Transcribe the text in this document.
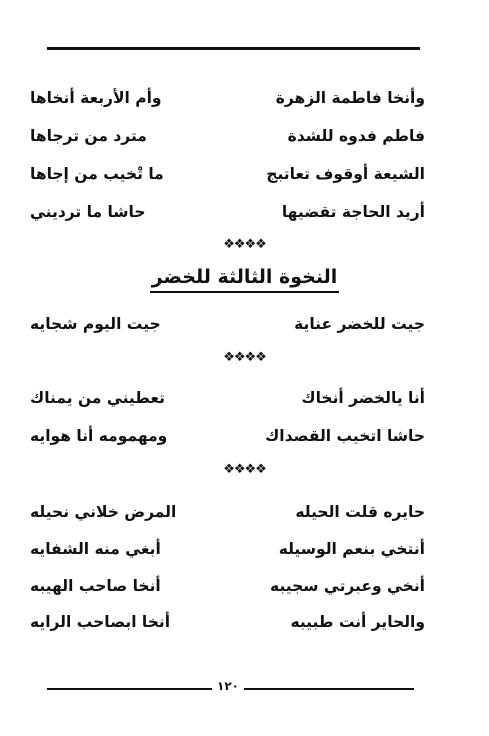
وأنخا فاطمة الزهرة
وأم الأربعة أنخاها
فاطم فدوه للشدة
مترد من ترجاها
الشيعة أوقوف تعاتبج
ما تْخيب من إجاها
أريد الحاجة تقضيها
حاشا ما ترديني
❖❖❖❖
النخوة الثالثة للخضر
جيت للخضر عناية
جيت اليوم شجايه
❖❖❖❖
أنا يالخضر أنخاك
تعطيني من يمناك
حاشا اتخيب القصداك
ومهمومه أنا هوايه
❖❖❖❖
حايره قلت الحيله
المرض خلاني نحيله
أنتخي بنعم الوسيله
أبغي منه الشفايه
أنخي وعبرتي سجيبه
أنخا صاحب الهيبه
والحاير أنت طبيبه
أنخا ابصاحب الرايه
١٢٠
